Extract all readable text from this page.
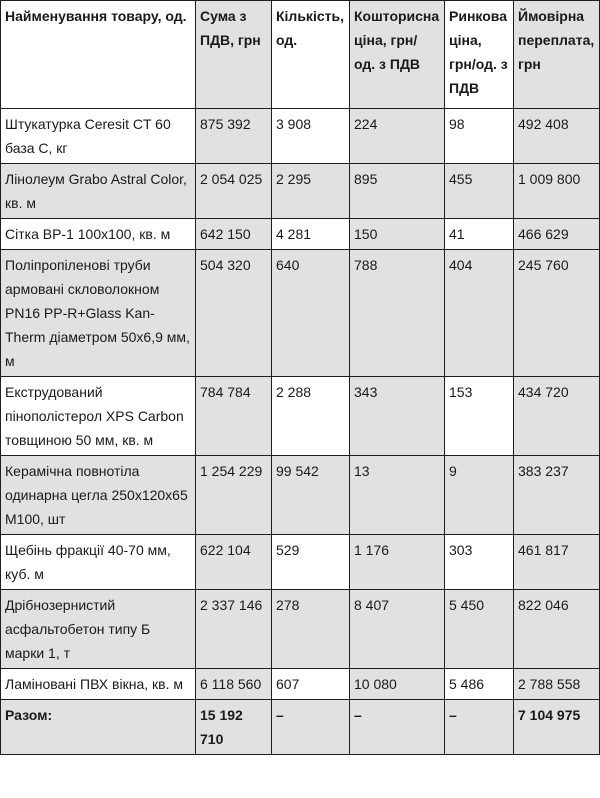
Найменування товару, од.	Сума з ПДВ, грн	Кількість, од.	Кошторисна ціна, грн/ од. з ПДВ	Ринкова ціна, грн/од. з ПДВ	Ймовірна переплата, грн
Штукатурка Ceresit CT 60 база С, кг	875 392	3 908	224	98	492 408
Лінолеум Grabo Astral Color, кв. м	2 054 025	2 295	895	455	1 009 800
Сітка ВР-1 100х100, кв. м	642 150	4 281	150	41	466 629
Поліпропіленові труби армовані скловолокном PN16 PP-R+Glass Kan-Therm діаметром 50х6,9 мм, м	504 320	640	788	404	245 760
Екструдований пінополістерол XPS Carbon товщиною 50 мм, кв. м	784 784	2 288	343	153	434 720
Керамічна повнотіла одинарна цегла 250х120х65 М100, шт	1 254 229	99 542	13	9	383 237
Щебінь фракції 40-70 мм, куб. м	622 104	529	1 176	303	461 817
Дрібнозернистий асфальтобетон типу Б марки 1, т	2 337 146	278	8 407	5 450	822 046
Ламіновані ПВХ вікна, кв. м	6 118 560	607	10 080	5 486	2 788 558
Разом:	15 192 710	–	–	–	7 104 975
